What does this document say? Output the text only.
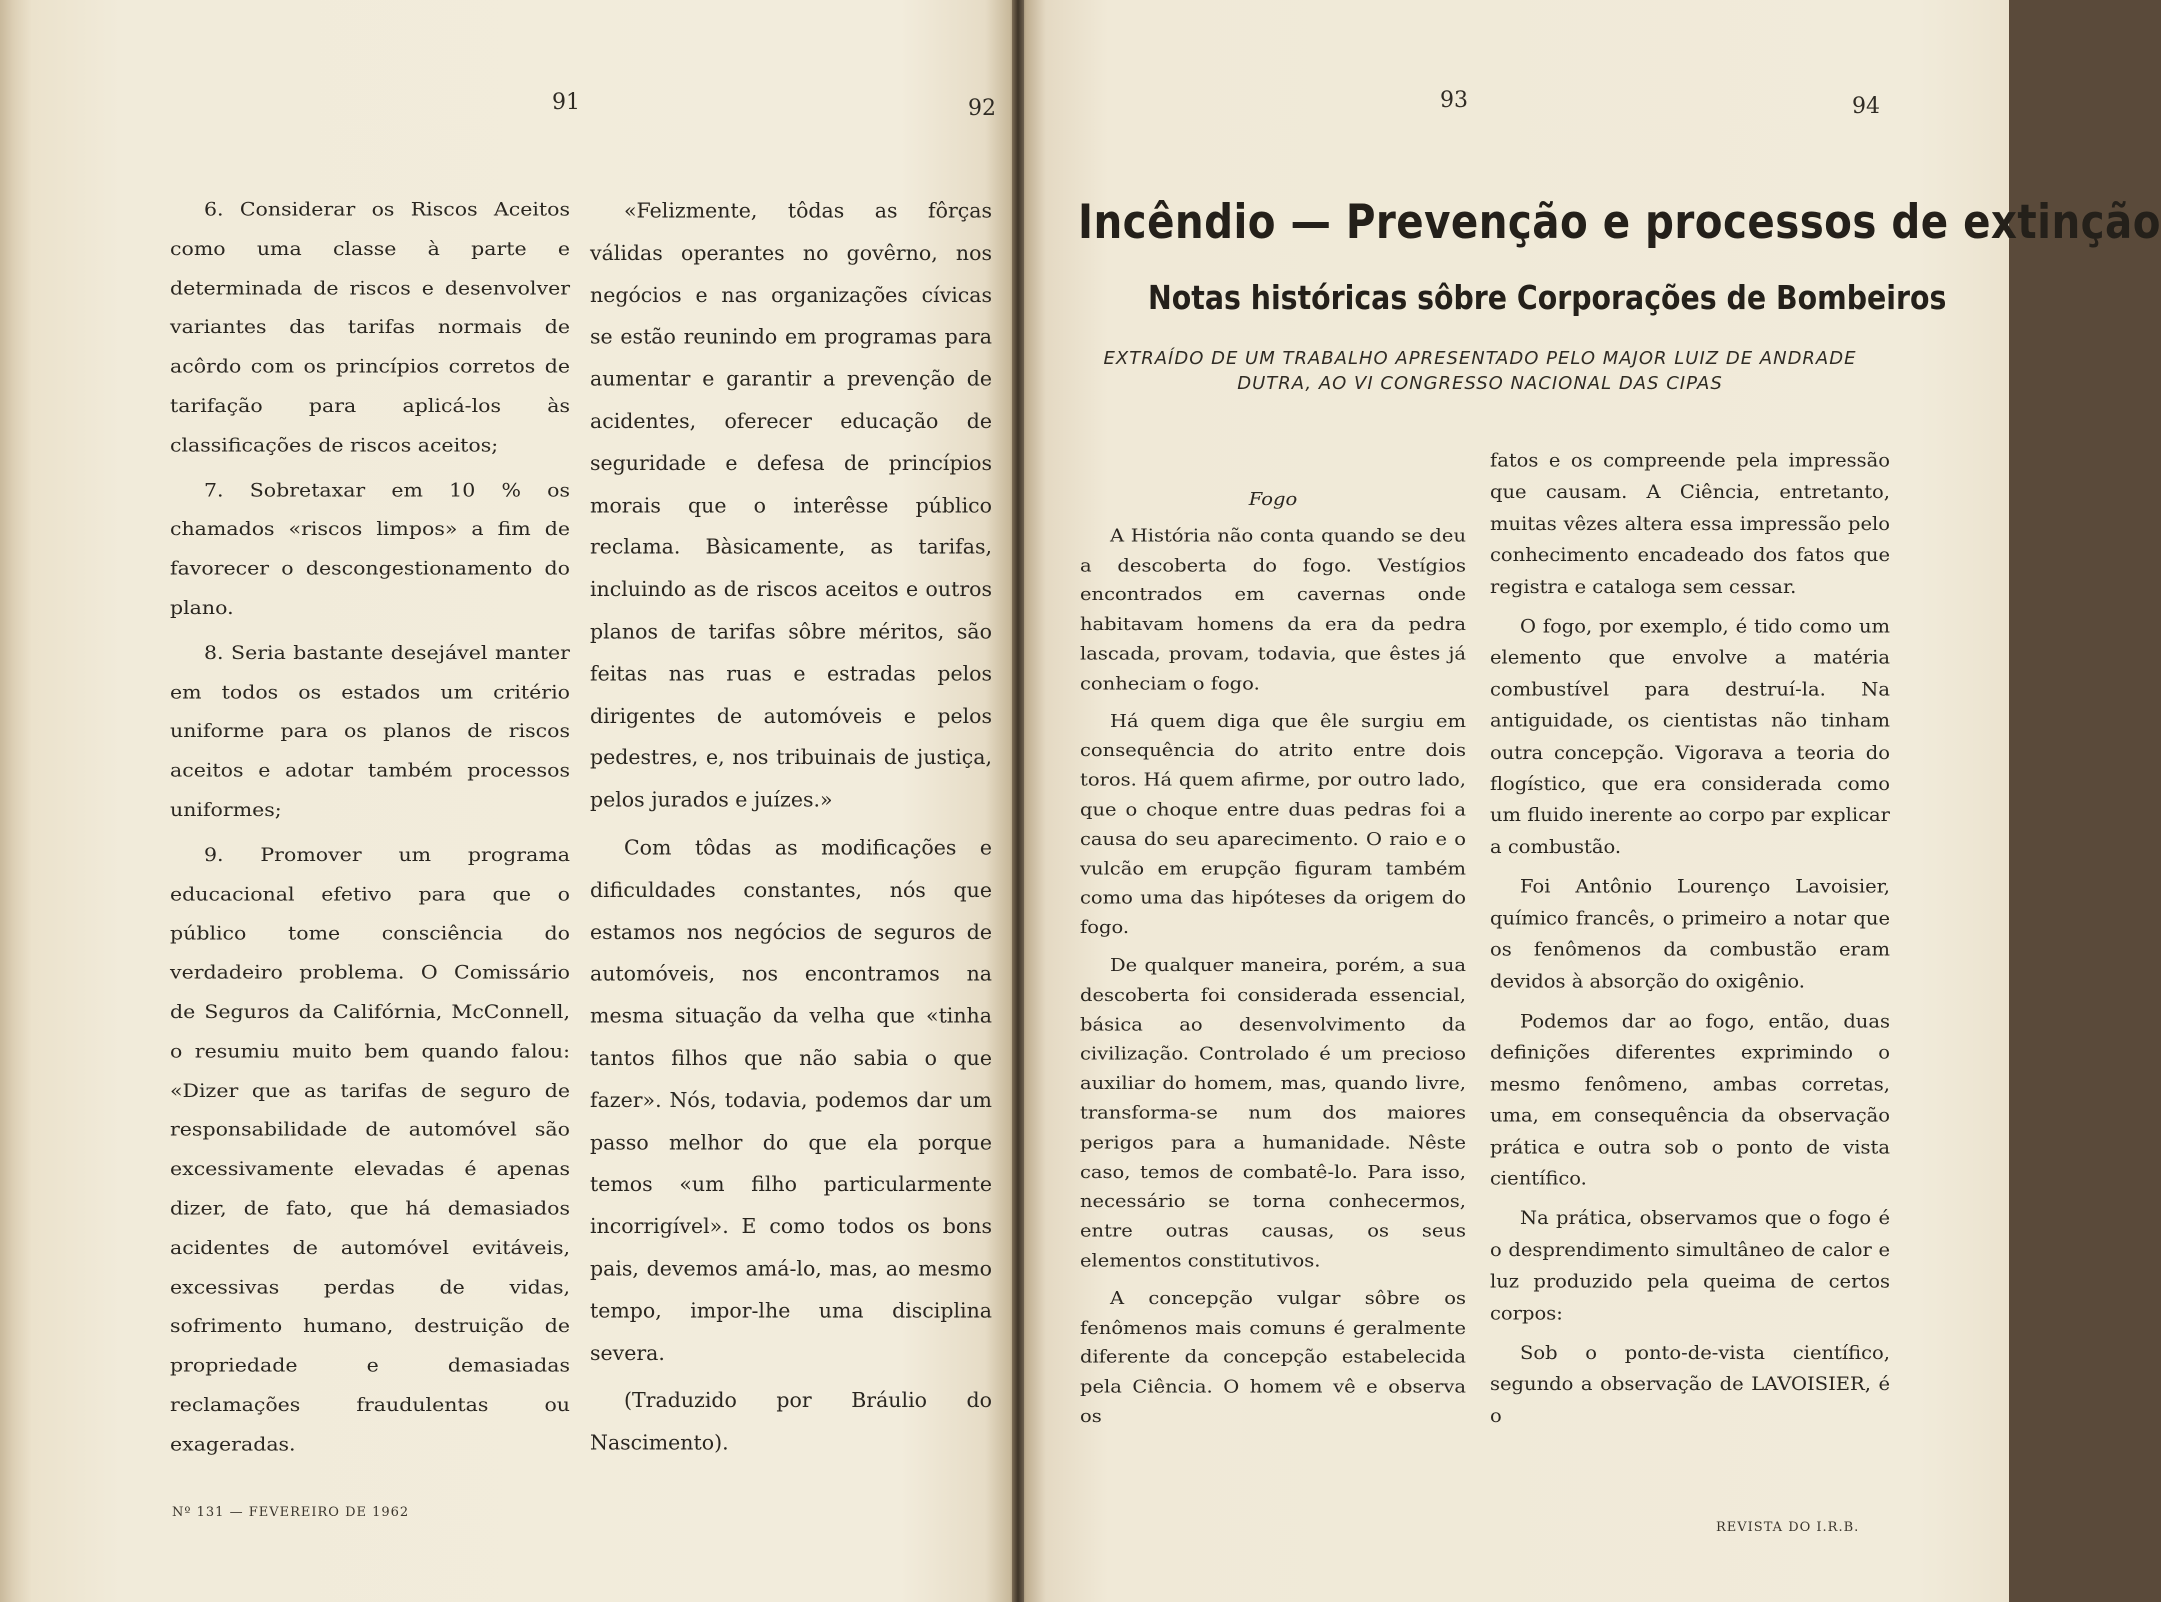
91	92

6. Considerar os Riscos Aceitos como uma classe à parte e determinada de riscos e desenvolver variantes das tarifas normais de acôrdo com os princípios corretos de tarifação para aplicá-los às classificações de riscos aceitos;

7. Sobretaxar em 10 % os chamados «riscos limpos» a fim de favorecer o descongestionamento do plano.

8. Seria bastante desejável manter em todos os estados um critério uniforme para os planos de riscos aceitos e adotar também processos uniformes;

9. Promover um programa educacional efetivo para que o público tome consciência do verdadeiro problema. O Comissário de Seguros da Califórnia, McConnell, o resumiu muito bem quando falou: «Dizer que as tarifas de seguro de responsabilidade de automóvel são excessivamente elevadas é apenas dizer, de fato, que há demasiados acidentes de automóvel evitáveis, excessivas perdas de vidas, sofrimento humano, destruição de propriedade e demasiadas reclamações fraudulentas ou exageradas.

«Felizmente, tôdas as fôrças válidas operantes no govêrno, nos negócios e nas organizações cívicas se estão reunindo em programas para aumentar e garantir a prevenção de acidentes, oferecer educação de seguridade e defesa de princípios morais que o interêsse público reclama. Bàsicamente, as tarifas, incluindo as de riscos aceitos e outros planos de tarifas sôbre méritos, são feitas nas ruas e estradas pelos dirigentes de automóveis e pelos pedestres, e, nos tribuinais de justiça, pelos jurados e juízes.»

Com tôdas as modificações e dificuldades constantes, nós que estamos nos negócios de seguros de automóveis, nos encontramos na mesma situação da velha que «tinha tantos filhos que não sabia o que fazer». Nós, todavia, podemos dar um passo melhor do que ela porque temos «um filho particularmente incorrigível». E como todos os bons pais, devemos amá-lo, mas, ao mesmo tempo, impor-lhe uma disciplina severa.

(Traduzido por Bráulio do Nascimento).

Nº 131 — FEVEREIRO DE 1962
93	94
Incêndio — Prevenção e processos de extinção
Notas históricas sôbre Corporações de Bombeiros
EXTRAÍDO DE UM TRABALHO APRESENTADO PELO MAJOR LUIZ DE ANDRADE DUTRA, AO VI CONGRESSO NACIONAL DAS CIPAS

Fogo

A História não conta quando se deu a descoberta do fogo. Vestígios encontrados em cavernas onde habitavam homens da era da pedra lascada, provam, todavia, que êstes já conheciam o fogo.

Há quem diga que êle surgiu em consequência do atrito entre dois toros. Há quem afirme, por outro lado, que o choque entre duas pedras foi a causa do seu aparecimento. O raio e o vulcão em erupção figuram também como uma das hipóteses da origem do fogo.

De qualquer maneira, porém, a sua descoberta foi considerada essencial, básica ao desenvolvimento da civilização. Controlado é um precioso auxiliar do homem, mas, quando livre, transforma-se num dos maiores perigos para a humanidade. Nêste caso, temos de combatê-lo. Para isso, necessário se torna conhecermos, entre outras causas, os seus elementos constitutivos.

A concepção vulgar sôbre os fenômenos mais comuns é geralmente diferente da concepção estabelecida pela Ciência. O homem vê e observa os

fatos e os compreende pela impressão que causam. A Ciência, entretanto, muitas vêzes altera essa impressão pelo conhecimento encadeado dos fatos que registra e cataloga sem cessar.

O fogo, por exemplo, é tido como um elemento que envolve a matéria combustível para destruí-la. Na antiguidade, os cientistas não tinham outra concepção. Vigorava a teoria do flogístico, que era considerada como um fluido inerente ao corpo par explicar a combustão.

Foi Antônio Lourenço Lavoisier, químico francês, o primeiro a notar que os fenômenos da combustão eram devidos à absorção do oxigênio.

Podemos dar ao fogo, então, duas definições diferentes exprimindo o mesmo fenômeno, ambas corretas, uma, em consequência da observação prática e outra sob o ponto de vista científico.

Na prática, observamos que o fogo é o desprendimento simultâneo de calor e luz produzido pela queima de certos corpos:

Sob o ponto-de-vista científico, segundo a observação de LAVOISIER, é o

REVISTA DO I.R.B.
